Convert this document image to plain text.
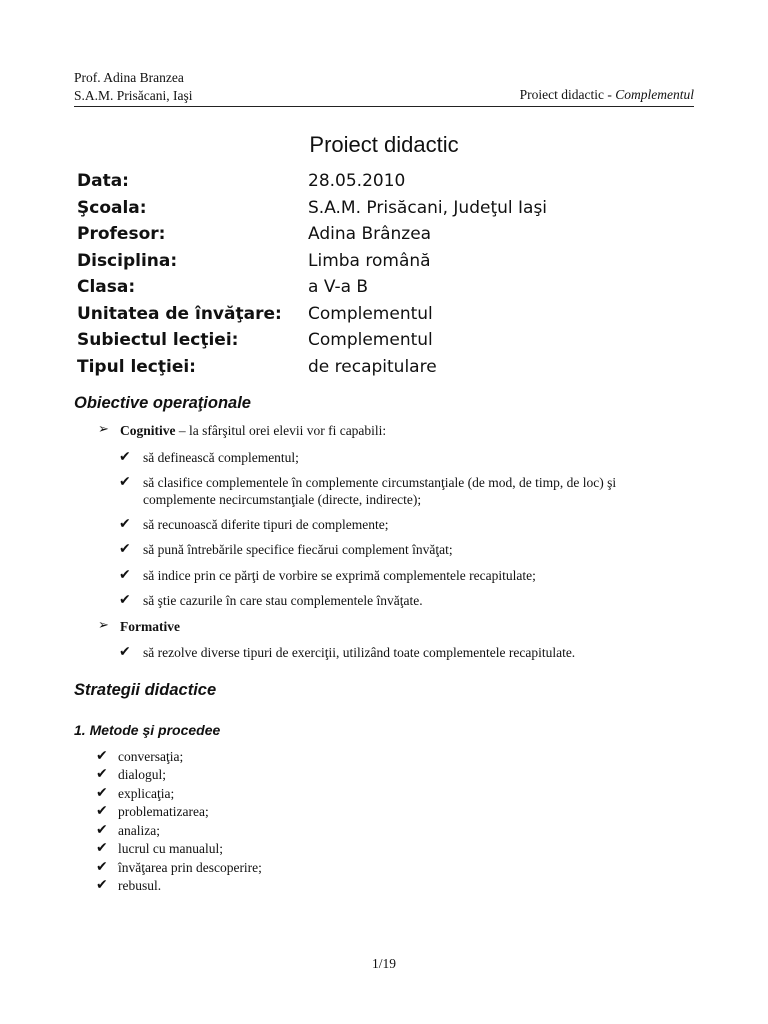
Prof. Adina Branzea
S.A.M. Prisăcani, Iaşi	Proiect didactic - Complementul
Proiect didactic
Data:	28.05.2010
Şcoala:	S.A.M. Prisăcani, Judeţul Iaşi
Profesor:	Adina Brânzea
Disciplina:	Limba română
Clasa:	a V-a B
Unitatea de învăţare: Complementul
Subiectul lecţiei:	Complementul
Tipul lecţiei:	de recapitulare
Obiective operaţionale
➢ Cognitive – la sfârşitul orei elevii vor fi capabili:
✔ să definească complementul;
✔ să clasifice complementele în complemente circumstanţiale (de mod, de timp, de loc) şi
complemente necircumstanţiale (directe, indirecte);
✔ să recunoască diferite tipuri de complemente;
✔ să pună întrebările specifice fiecărui complement învăţat;
✔ să indice prin ce părţi de vorbire se exprimă complementele recapitulate;
✔ să ştie cazurile în care stau complementele învăţate.
➢ Formative
✔ să rezolve diverse tipuri de exerciţii, utilizând toate complementele recapitulate.
Strategii didactice
1. Metode şi procedee
✔ conversaţia;
✔ dialogul;
✔ explicaţia;
✔ problematizarea;
✔ analiza;
✔ lucrul cu manualul;
✔ învăţarea prin descoperire;
✔ rebusul.
1/19
